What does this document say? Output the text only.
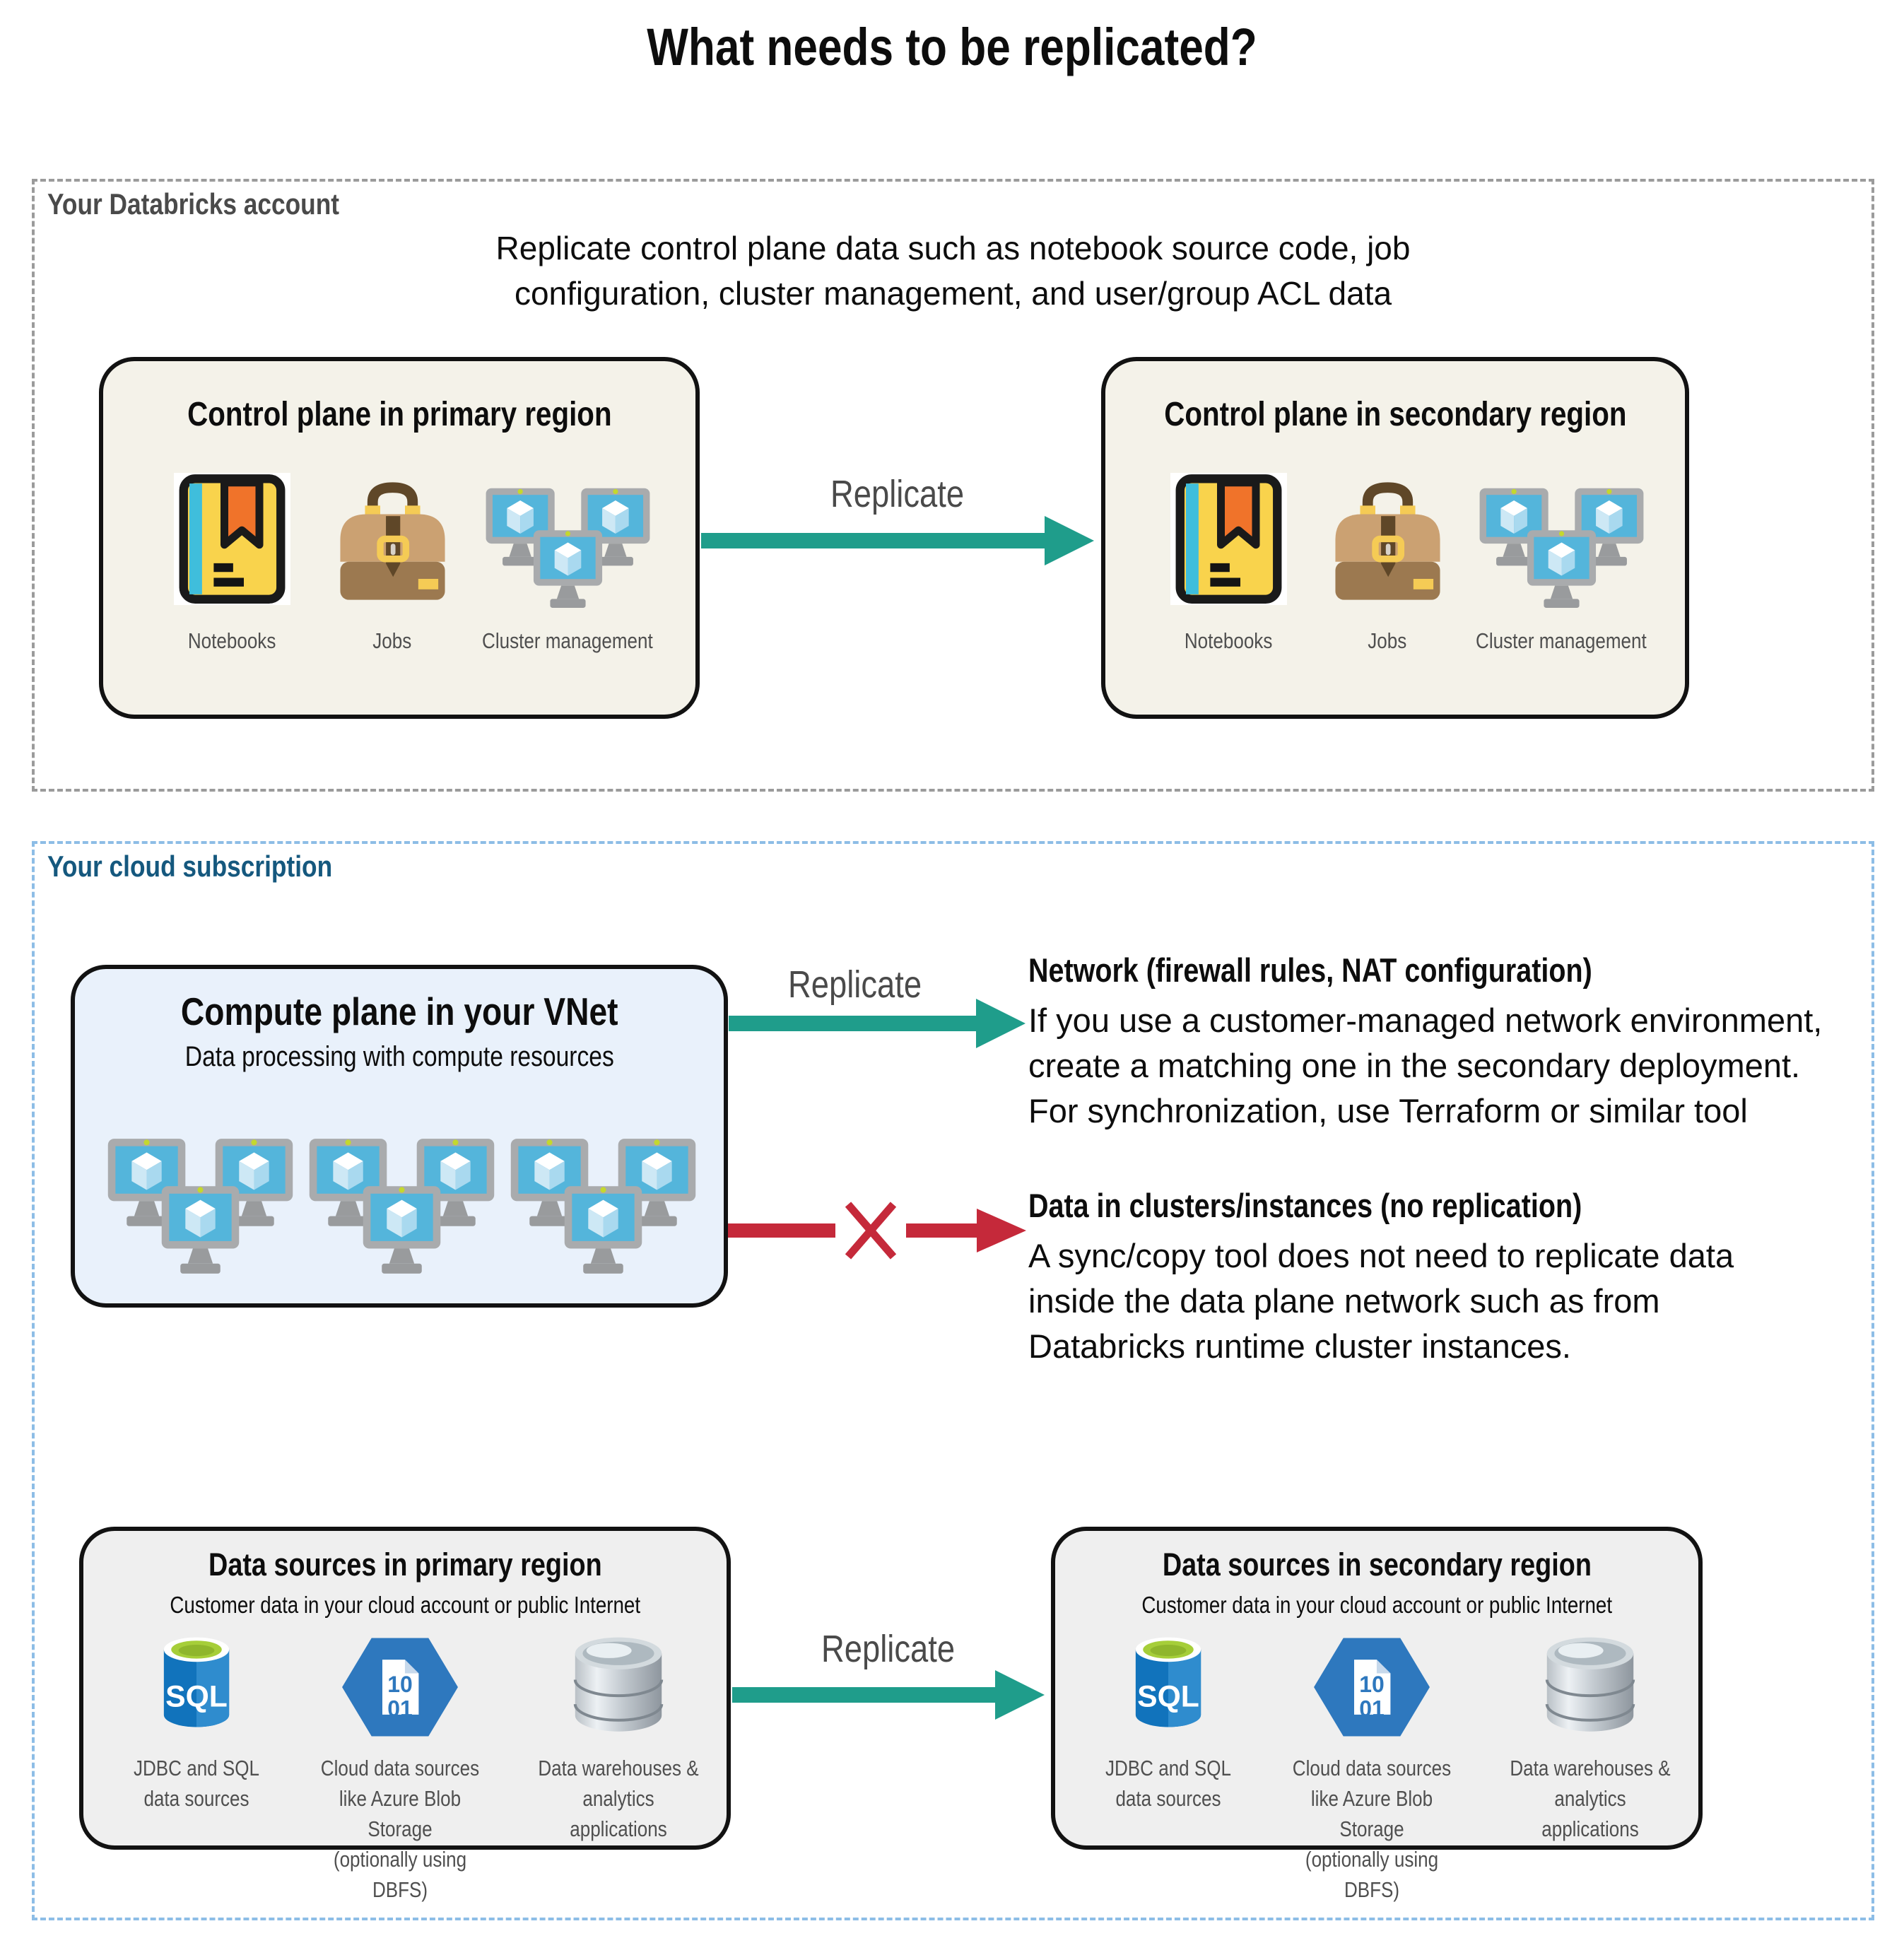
What needs to be replicated?
Your Databricks account
Replicate control plane data such as notebook source code, job
configuration, cluster management, and user/group ACL data
Control plane in primary region
Notebooks	Jobs	Cluster management
Replicate
Control plane in secondary region
Notebooks	Jobs	Cluster management
Your cloud subscription
Compute plane in your VNet
Data processing with compute resources
Replicate	Network (firewall rules, NAT configuration)
If you use a customer-managed network environment,
create a matching one in the secondary deployment.
For synchronization, use Terraform or similar tool
Data in clusters/instances (no replication)
A sync/copy tool does not need to replicate data
inside the data plane network such as from
Databricks runtime cluster instances.
Data sources in primary region
Customer data in your cloud account or public Internet
JDBC and SQL
data sources
Cloud data sources
like Azure Blob Storage
(optionally using DBFS)
Data warehouses &
analytics
applications
Replicate
Data sources in secondary region
Customer data in your cloud account or public Internet
JDBC and SQL
data sources
Cloud data sources
like Azure Blob Storage
(optionally using DBFS)
Data warehouses &
analytics
applications
